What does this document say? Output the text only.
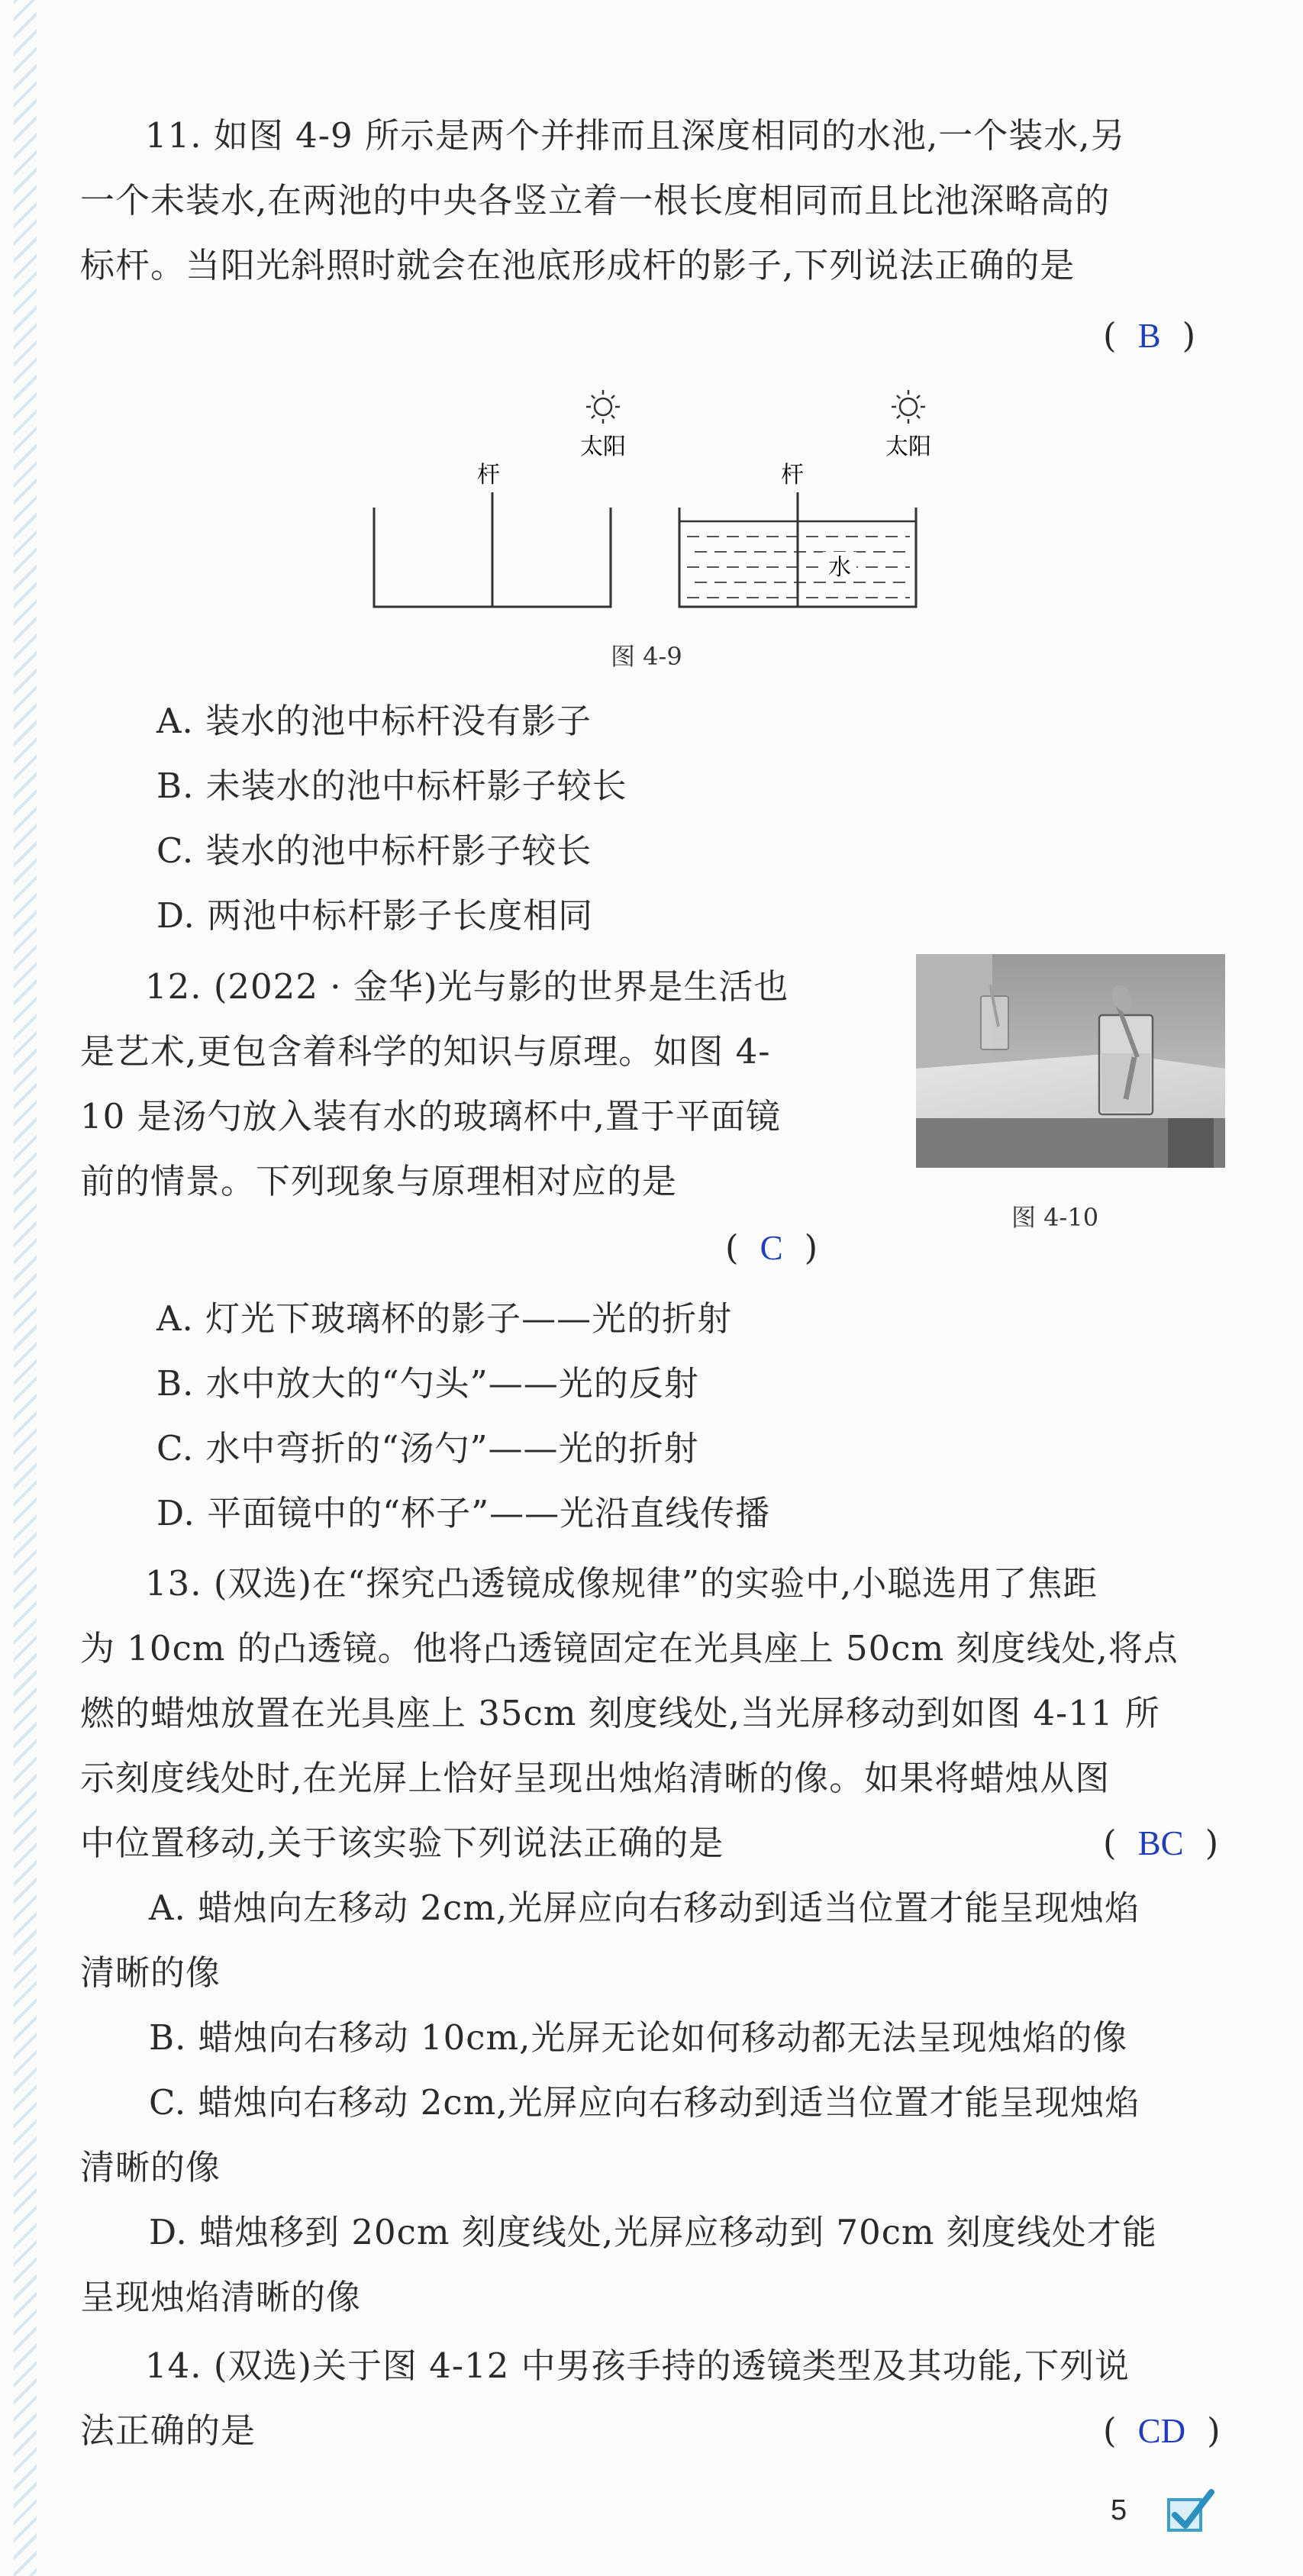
11. 如图 4-9 所示是两个并排而且深度相同的水池,一个装水,另
一个未装水,在两池的中央各竖立着一根长度相同而且比池深略高的
标杆。当阳光斜照时就会在池底形成杆的影子,下列说法正确的是
( B )
太阳
杆
太阳
杆
水
图 4-9
A. 装水的池中标杆没有影子
B. 未装水的池中标杆影子较长
C. 装水的池中标杆影子较长
D. 两池中标杆影子长度相同
12. (2022 · 金华)光与影的世界是生活也
是艺术,更包含着科学的知识与原理。如图 4-
10 是汤勺放入装有水的玻璃杯中,置于平面镜
前的情景。下列现象与原理相对应的是
( C )
图 4-10
A. 灯光下玻璃杯的影子——光的折射
B. 水中放大的“勺头”——光的反射
C. 水中弯折的“汤勺”——光的折射
D. 平面镜中的“杯子”——光沿直线传播
13. (双选)在“探究凸透镜成像规律”的实验中,小聪选用了焦距
为 10cm 的凸透镜。他将凸透镜固定在光具座上 50cm 刻度线处,将点
燃的蜡烛放置在光具座上 35cm 刻度线处,当光屏移动到如图 4-11 所
示刻度线处时,在光屏上恰好呈现出烛焰清晰的像。如果将蜡烛从图
中位置移动,关于该实验下列说法正确的是	( BC )
A. 蜡烛向左移动 2cm,光屏应向右移动到适当位置才能呈现烛焰
清晰的像
B. 蜡烛向右移动 10cm,光屏无论如何移动都无法呈现烛焰的像
C. 蜡烛向右移动 2cm,光屏应向右移动到适当位置才能呈现烛焰
清晰的像
D. 蜡烛移到 20cm 刻度线处,光屏应移动到 70cm 刻度线处才能
呈现烛焰清晰的像
14. (双选)关于图 4-12 中男孩手持的透镜类型及其功能,下列说
法正确的是	( CD )
5
